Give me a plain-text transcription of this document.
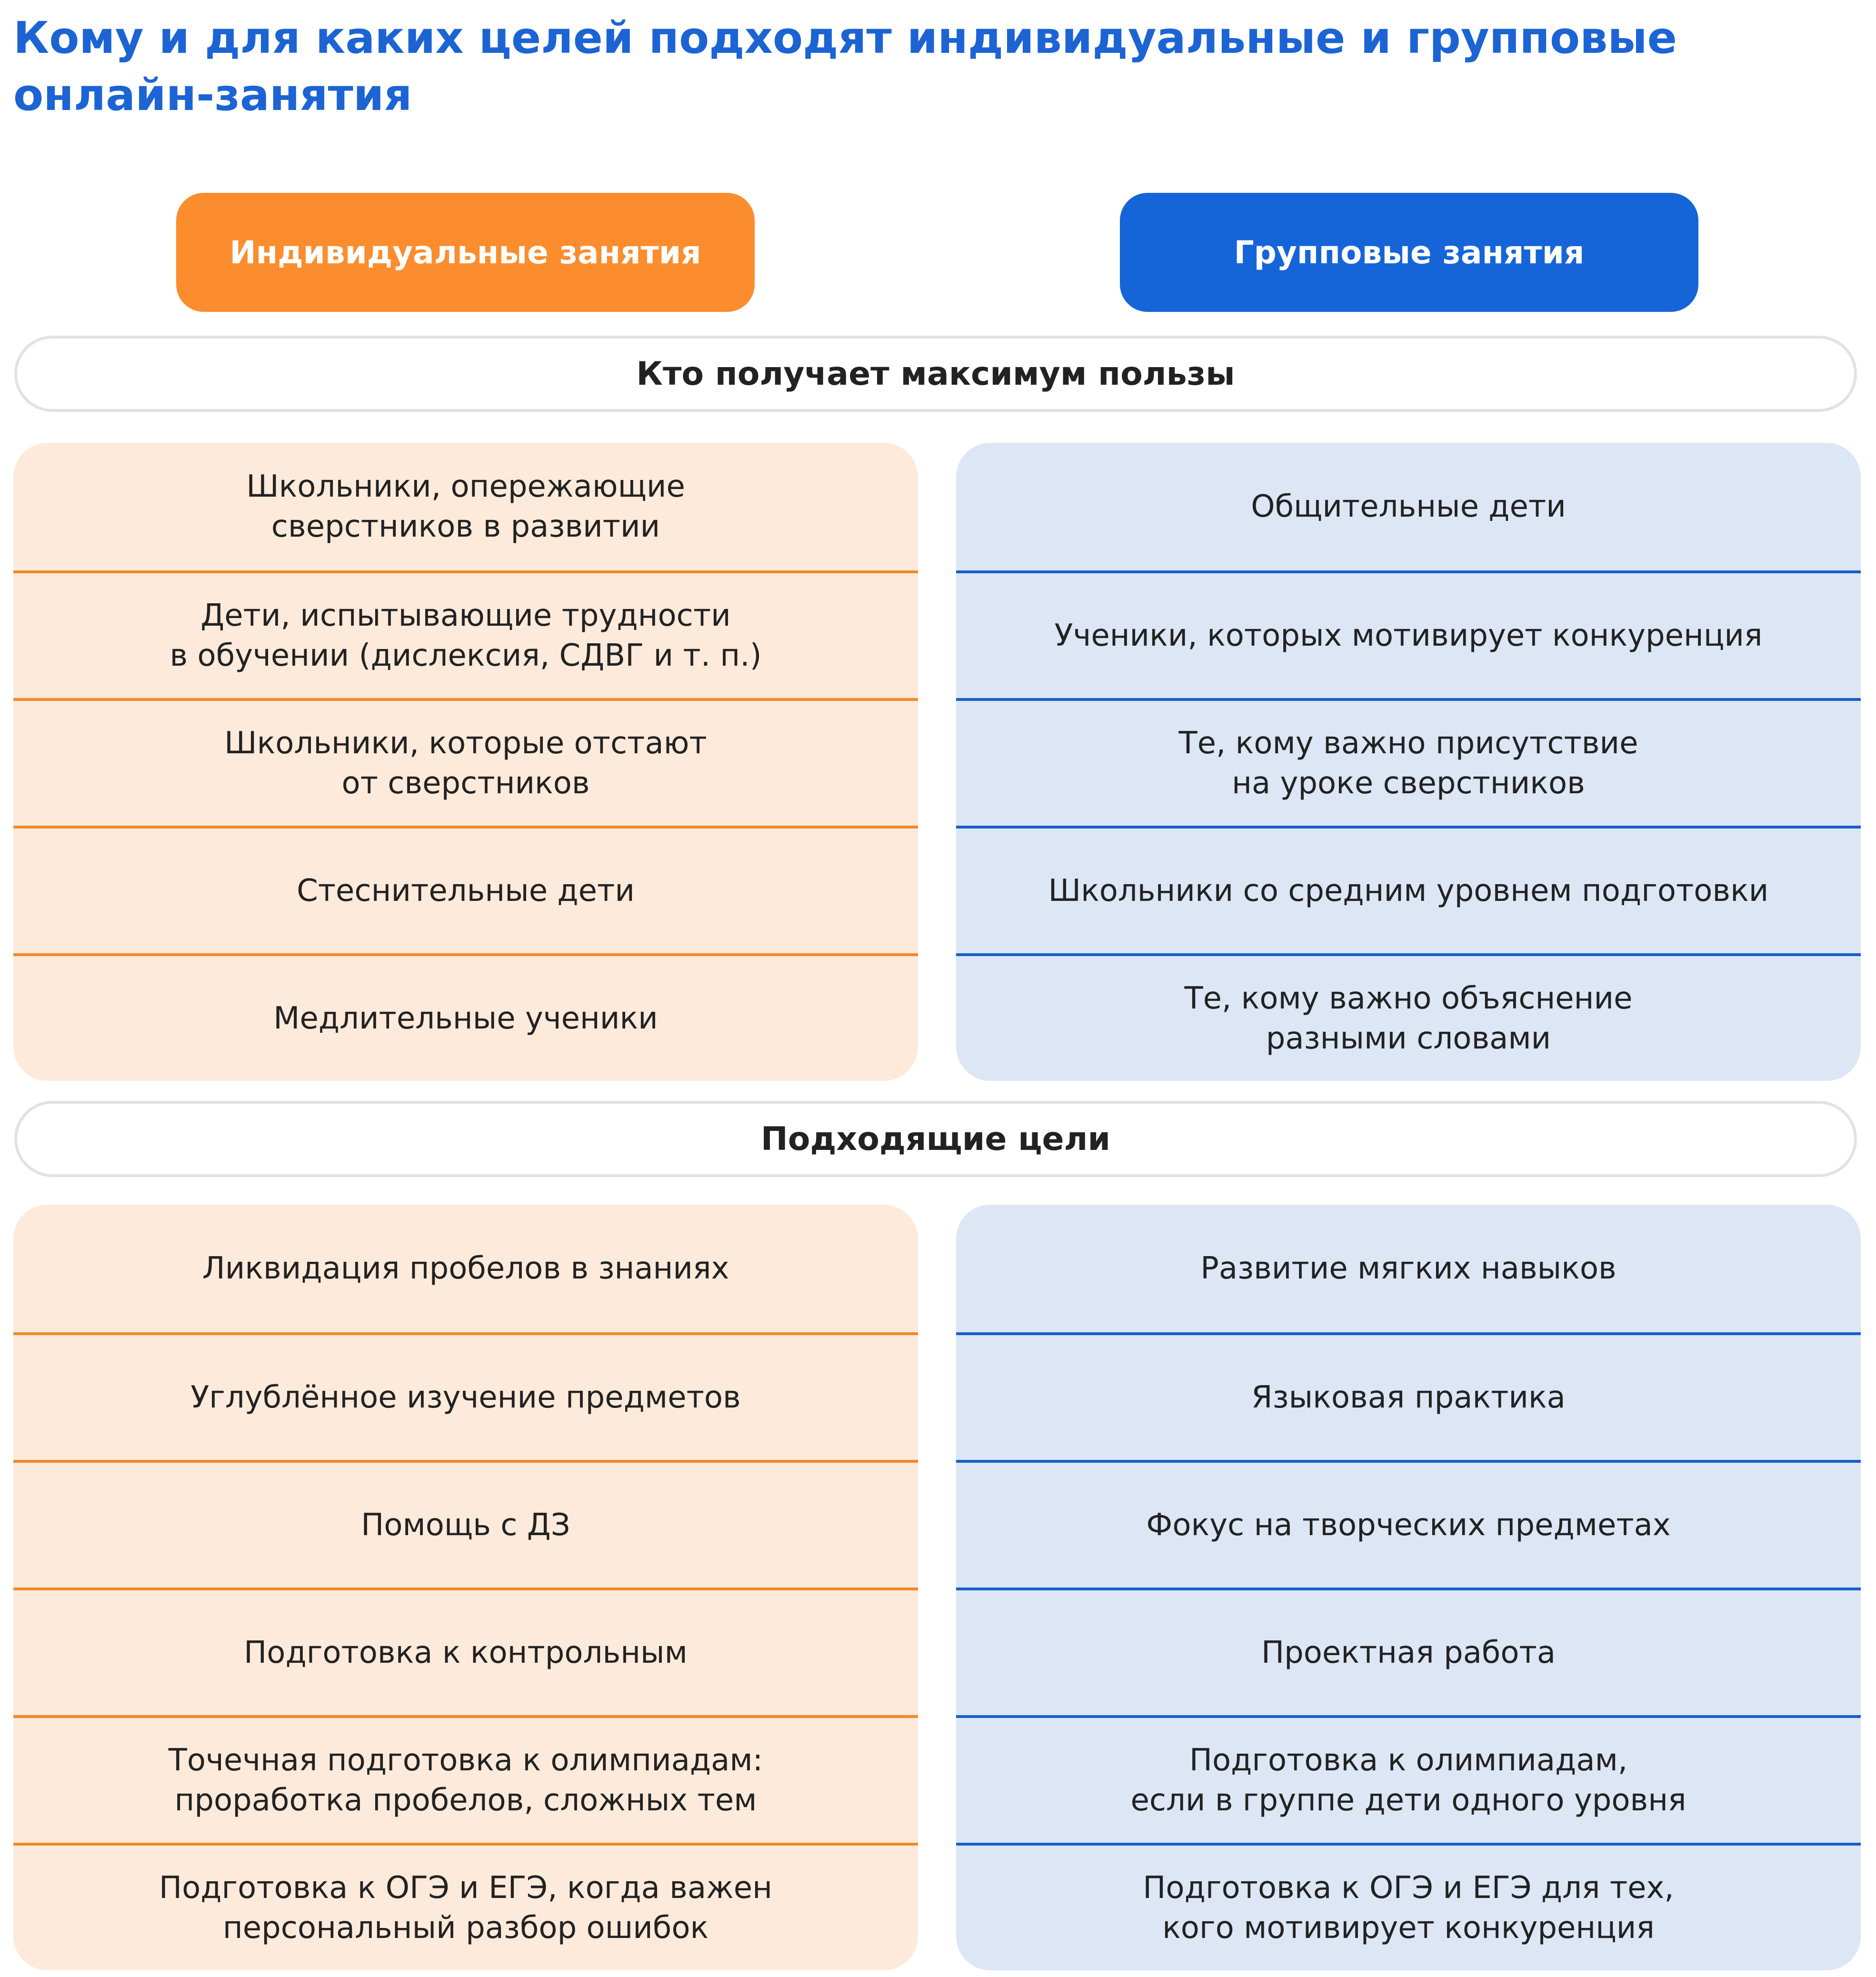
Кому и для каких целей подходят индивидуальные и групповые онлайн-занятия
Индивидуальные занятия	Групповые занятия
Кто получает максимум пользы
Школьники, опережающие
сверстников в развитии
Дети, испытывающие трудности
в обучении (дислексия, СДВГ и т. п.)
Школьники, которые отстают
от сверстников
Стеснительные дети
Медлительные ученики
Общительные дети
Ученики, которых мотивирует конкуренция
Те, кому важно присутствие
на уроке сверстников
Школьники со средним уровнем подготовки
Те, кому важно объяснение
разными словами
Подходящие цели
Ликвидация пробелов в знаниях
Углублённое изучение предметов
Помощь с ДЗ
Подготовка к контрольным
Точечная подготовка к олимпиадам:
проработка пробелов, сложных тем
Подготовка к ОГЭ и ЕГЭ, когда важен
персональный разбор ошибок
Развитие мягких навыков
Языковая практика
Фокус на творческих предметах
Проектная работа
Подготовка к олимпиадам,
если в группе дети одного уровня
Подготовка к ОГЭ и ЕГЭ для тех,
кого мотивирует конкуренция
